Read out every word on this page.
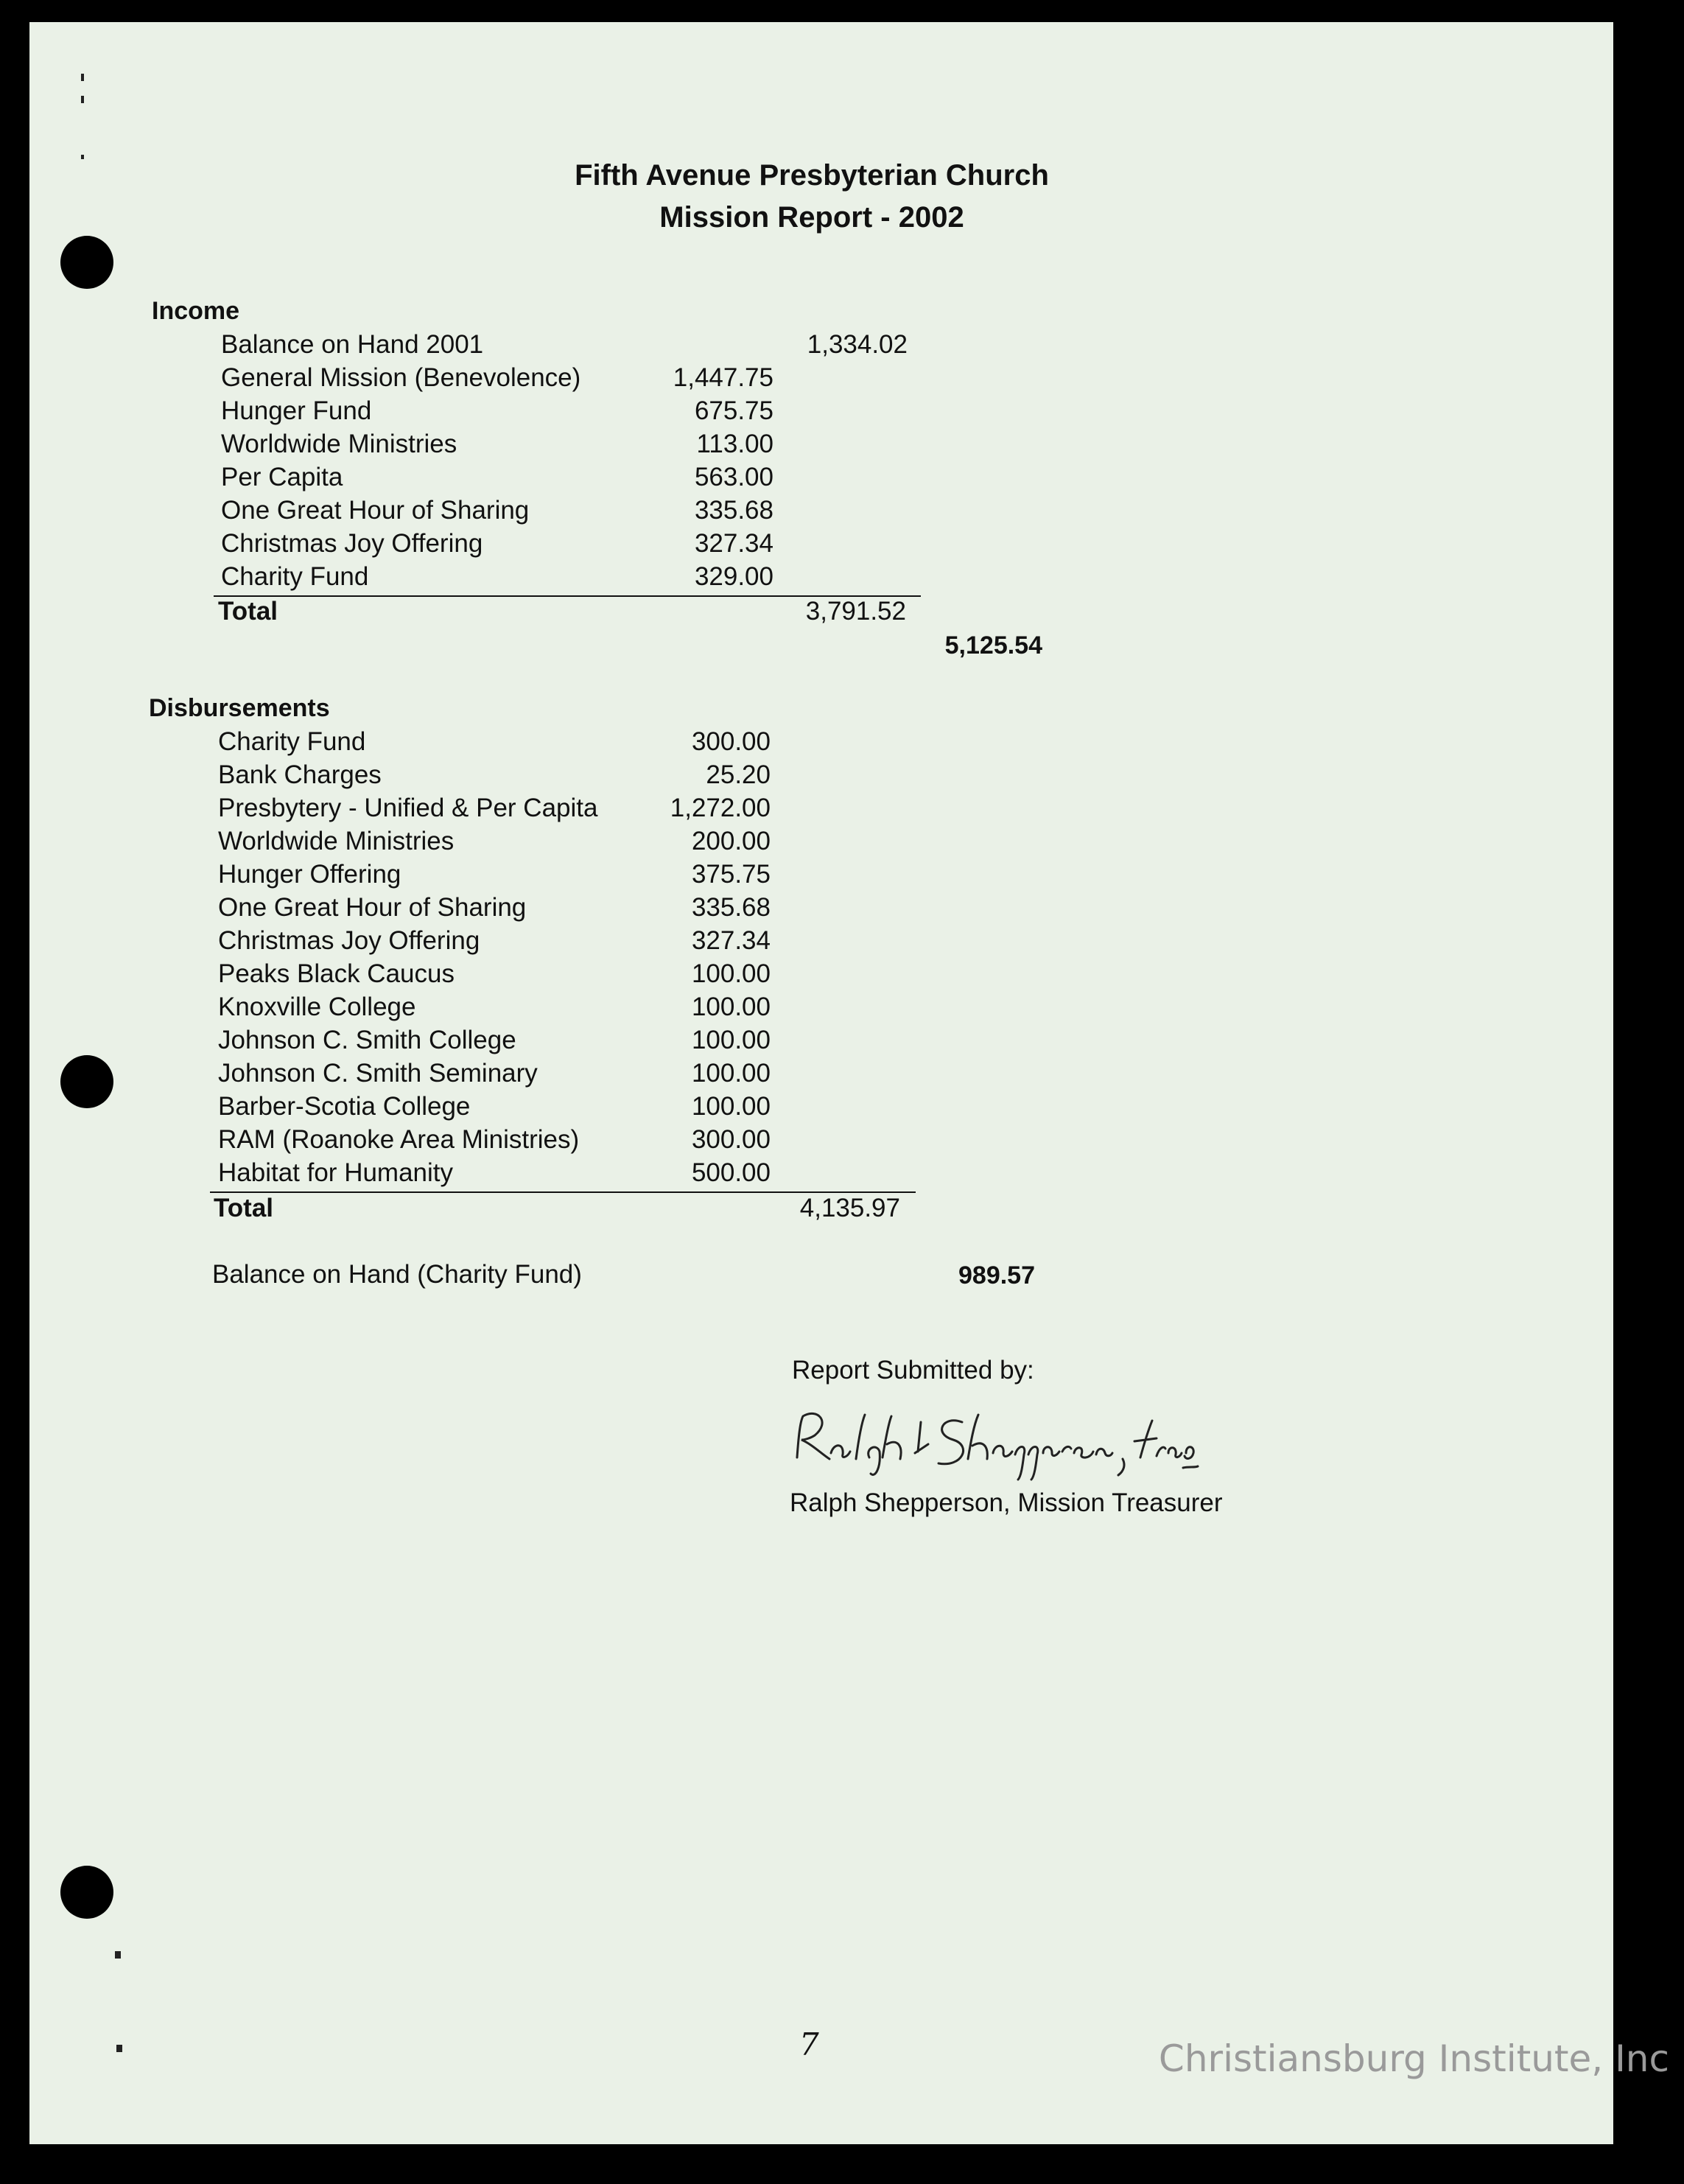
Fifth Avenue Presbyterian Church
Mission Report - 2002
Income
Balance on Hand 2001	1,334.02
General Mission (Benevolence)	1,447.75
Hunger Fund	675.75
Worldwide Ministries	113.00
Per Capita	563.00
One Great Hour of Sharing	335.68
Christmas Joy Offering	327.34
Charity Fund	329.00
Total	3,791.52
5,125.54
Disbursements
Charity Fund	300.00
Bank Charges	25.20
Presbytery - Unified & Per Capita	1,272.00
Worldwide Ministries	200.00
Hunger Offering	375.75
One Great Hour of Sharing	335.68
Christmas Joy Offering	327.34
Peaks Black Caucus	100.00
Knoxville College	100.00
Johnson C. Smith College	100.00
Johnson C. Smith Seminary	100.00
Barber-Scotia College	100.00
RAM (Roanoke Area Ministries)	300.00
Habitat for Humanity	500.00
Total	4,135.97
Balance on Hand (Charity Fund)	989.57
Report Submitted by:
Ralph Shepperson, Mission Treasurer
7	Christiansburg Institute, Inc
